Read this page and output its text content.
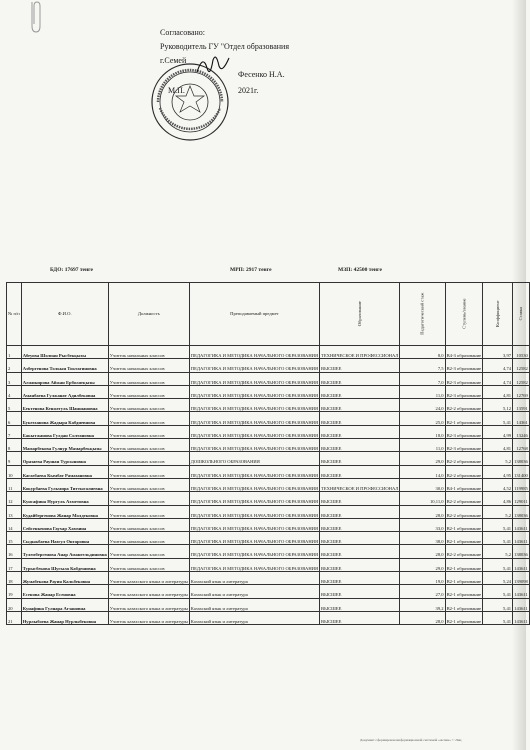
Согласовано:
Руководитель ГУ "Отдел образования
г.Семей
Фесенко Н.А.
М.П.	2021г.
БДО: 17697 тенге	МРП: 2917 тенге	МЗП: 42500 тенге
№ п/п	Ф.И.О.	Должность	Преподаваемый предмет	Образование	Педагогический стаж	Ступень/звание	Коэффициент	Ставка
1	Абеуова Шолпан Рысбекқызы	Учитель начальных классов	ПЕДАГОГИКА И МЕТОДИКА НАЧАЛЬНОГО ОБРАЗОВАНИЯ	ТЕХНИЧЕСКОЕ И ПРОФЕССИОНАЛ	8,0	В4-3 образование	3,97	10530
2	Азбергенова Толкын Токтагиновна	Учитель начальных классов	ПЕДАГОГИКА И МЕТОДИКА НАЧАЛЬНОГО ОБРАЗОВАНИЯ	ВЫСШЕЕ	7,5	В2-3 образование	4,74	12582
3	Алжикирова Айжан Ерболатқызы	Учитель начальных классов	ПЕДАГОГИКА И МЕТОДИКА НАЧАЛЬНОГО ОБРАЗОВАНИЯ	ВЫСШЕЕ	7,0	В2-3 образование	4,74	12582
4	Аманбаева Гулжанат Адилбековна	Учитель начальных классов	ПЕДАГОГИКА И МЕТОДИКА НАЧАЛЬНОГО ОБРАЗОВАНИЯ	ВЫСШЕЕ	11,0	В2-3 образование	4,81	12769
5	Бектенова Кенжегуль Шаншановна	Учитель начальных классов	ПЕДАГОГИКА И МЕТОДИКА НАЧАЛЬНОГО ОБРАЗОВАНИЯ	ВЫСШЕЕ	24,0	В2-2 образование	5,12	13591
6	Букезханова Жадыра Кабдиевнова	Учитель начальных классов	ПЕДАГОГИКА И МЕТОДИКА НАЧАЛЬНОГО ОБРАЗОВАНИЯ	ВЫСШЕЕ	25,0	В2-1 образование	5,41	14361
7	Бакытжанова Гулдан Солтановна	Учитель начальных классов	ПЕДАГОГИКА И МЕТОДИКА НАЧАЛЬНОГО ОБРАЗОВАНИЯ	ВЫСШЕЕ	18,0	В2-3 образование	4,99	13246
8	Мамарбекова Гулнур Мамарбекқызы	Учитель начальных классов	ПЕДАГОГИКА И МЕТОДИКА НАЧАЛЬНОГО ОБРАЗОВАНИЯ	ВЫСШЕЕ	11,0	В2-3 образование	4,81	12768
9	Оразаева Раушан Турсыновна	Учитель начальных классов	ДОШКОЛЬНОГО ОБРАЗОВАНИЯ	ВЫСШЕЕ	29,0	В2-2 образование	5,2	138036
10	Кагазбаева Кымбат Рамазановна	Учитель начальных классов	ПЕДАГОГИКА И МЕТОДИКА НАЧАЛЬНОГО ОБРАЗОВАНИЯ	ВЫСШЕЕ	14,0	В2-2 образование	4,95	131400
11	Кокурбаева Гульмира Титтыгалиевна	Учитель начальных классов	ПЕДАГОГИКА И МЕТОДИКА НАЧАЛЬНОГО ОБРАЗОВАНИЯ	ТЕХНИЧЕСКОЕ И ПРОФЕССИОНАЛ	30,0	В4-1 образование	4,52	119985
12	Кунсафина Нургуль Ахметовна	Учитель начальных классов	ПЕДАГОГИКА И МЕТОДИКА НАЧАЛЬНОГО ОБРАЗОВАНИЯ	ВЫСШЕЕ	10,11,0	В2-2 образование	4,86	129011
13	Кудайбергенова Жанар Молдековна	Учитель начальных классов	ПЕДАГОГИКА И МЕТОДИКА НАЧАЛЬНОГО ОБРАЗОВАНИЯ	ВЫСШЕЕ	28,0	В2-2 образование	5,2	138036
14	Сейсенкенова Гаухар Хамзина	Учитель начальных классов	ПЕДАГОГИКА И МЕТОДИКА НАЧАЛЬНОГО ОБРАЗОВАНИЯ	ВЫСШЕЕ	33,0	В2-1 образование	5,41	143611
15	Сыдыкбаева Назгул Онгаровна	Учитель начальных классов	ПЕДАГОГИКА И МЕТОДИКА НАЧАЛЬНОГО ОБРАЗОВАНИЯ	ВЫСШЕЕ	38,0	В2-1 образование	5,41	143611
16	Тулембергенова Анар Амангельдиновна	Учитель начальных классов	ПЕДАГОГИКА И МЕТОДИКА НАЧАЛЬНОГО ОБРАЗОВАНИЯ	ВЫСШЕЕ	28,0	В2-2 образование	5,2	138036
17	Турысбекова Шугыла Кабдешовна	Учитель начальных классов	ПЕДАГОГИКА И МЕТОДИКА НАЧАЛЬНОГО ОБРАЗОВАНИЯ	ВЫСШЕЕ	29,0	В2-1 образование	5,41	143611
18	Жумабекова Рауия Кальбековна	Учитель казахского языка и литературы	Казахский язык и литература	ВЫСШЕЕ	19,0	В2-1 образование	5,24	139098
19	Есенова Жанар Есеновна	Учитель казахского языка и литературы	Казахский язык и литература	ВЫСШЕЕ	27,0	В2-1 образование	5,41	143611
20	Кунафина Гулнара Агзановна	Учитель казахского языка и литературы	Казахский язык и литература	ВЫСШЕЕ	39,2	В2-1 образование	5,41	143611
21	Нурлыбоева Жанар Нурлыбековна	Учитель казахского языка и литературы	Казахский язык и литература	ВЫСШЕЕ	28,0	В2-1 образование	5,41	143611
Документ сформирован информационной системой «Аспан» © Лиц
